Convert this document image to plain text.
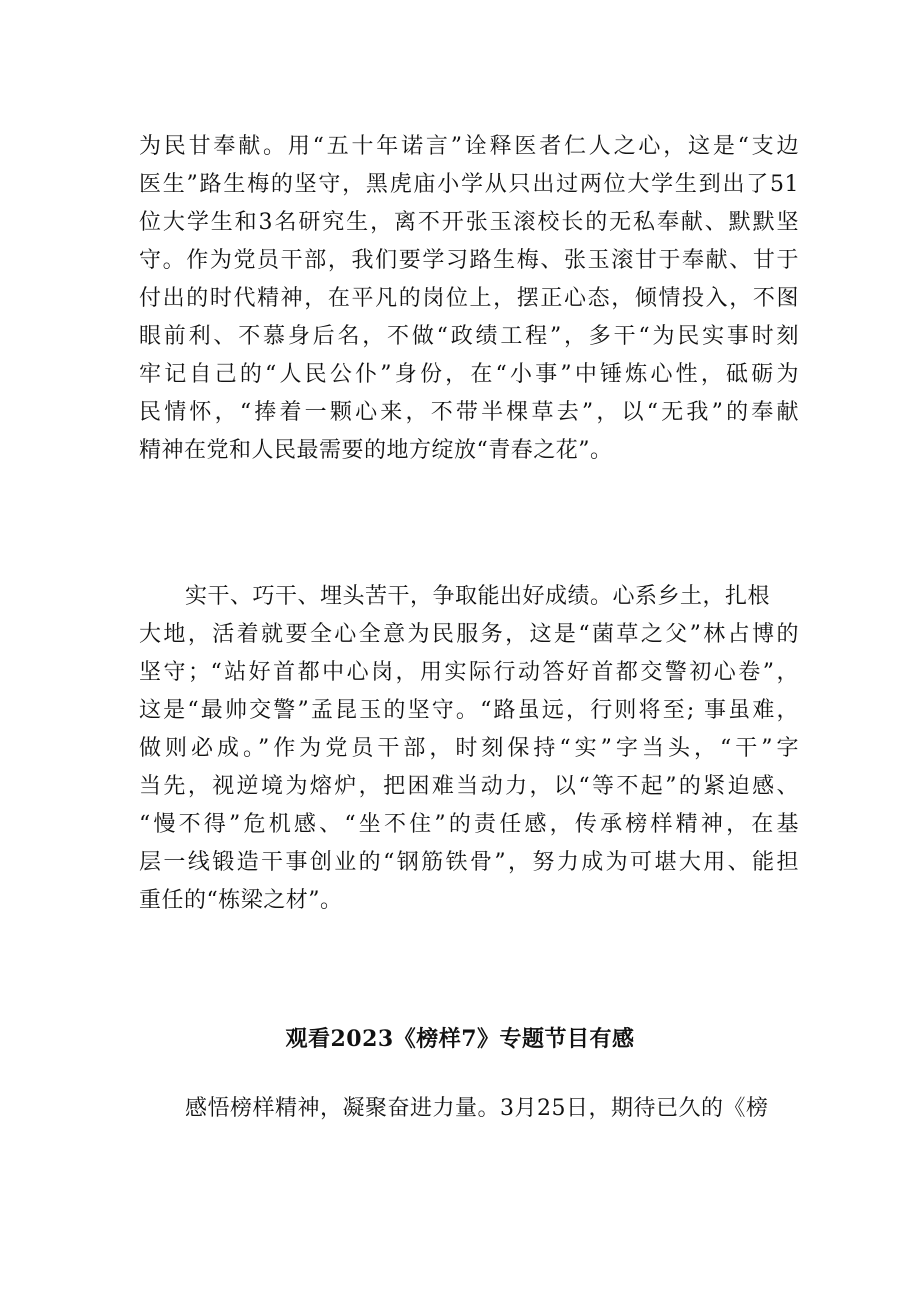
为民甘奉献。用“五十年诺言”诠释医者仁人之心，这是“支边
医生”路生梅的坚守，黑虎庙小学从只出过两位大学生到出了51
位大学生和3名研究生，离不开张玉滚校长的无私奉献、默默坚
守。作为党员干部，我们要学习路生梅、张玉滚甘于奉献、甘于
付出的时代精神，在平凡的岗位上，摆正心态，倾情投入，不图
眼前利、不慕身后名，不做“政绩工程”，多干“为民实事时刻
牢记自己的“人民公仆”身份，在“小事”中锤炼心性，砥砺为
民情怀，“捧着一颗心来，不带半棵草去”，以“无我”的奉献
精神在党和人民最需要的地方绽放“青春之花”。
实干、巧干、埋头苦干，争取能出好成绩。心系乡土，扎根
大地，活着就要全心全意为民服务，这是“菌草之父”林占博的
坚守；“站好首都中心岗，用实际行动答好首都交警初心卷”，
这是“最帅交警”孟昆玉的坚守。“路虽远，行则将至; 事虽难，
做则必成。”作为党员干部，时刻保持“实”字当头，“干”字
当先，视逆境为熔炉，把困难当动力，以“等不起”的紧迫感、
“慢不得”危机感、“坐不住”的责任感，传承榜样精神，在基
层一线锻造干事创业的“钢筋铁骨”，努力成为可堪大用、能担
重任的“栋梁之材”。
观看2023《榜样7》专题节目有感
感悟榜样精神，凝聚奋进力量。3月25日，期待已久的《榜
